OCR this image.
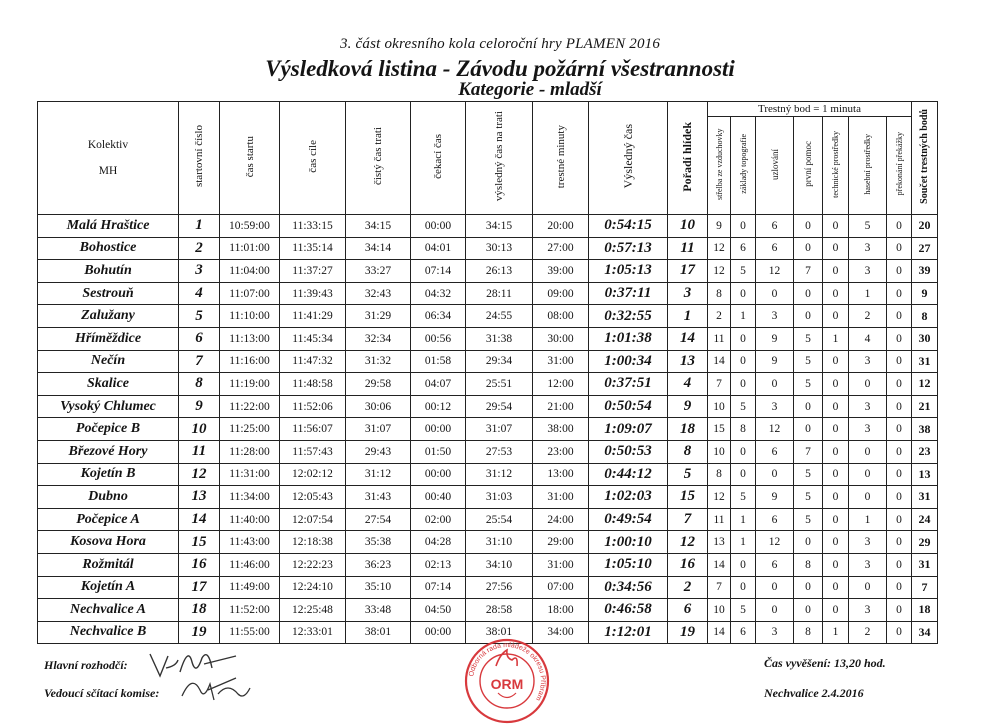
3. část okresního kola celoroční hry PLAMEN 2016
Výsledková listina - Závodu požární všestrannosti
Kategorie - mladší
Kolektiv
MH	startovní číslo	čas startu	čas cíle	čistý čas trati	čekací čas	výsledný čas na trati	trestné minuty	Výsledný čas	Pořadí hlídek	Trestný bod = 1 minuta							Součet trestných bodů
										střelba ze vzduchovky	základy topografie	uzlování	první pomoc	technické prostředky	hasební prostředky	překonání překážky	
Malá Hraštice	1	10:59:00	11:33:15	34:15	00:00	34:15	20:00	0:54:15	10	9	0	6	0	0	5	0	20
Bohostice	2	11:01:00	11:35:14	34:14	04:01	30:13	27:00	0:57:13	11	12	6	6	0	0	3	0	27
Bohutín	3	11:04:00	11:37:27	33:27	07:14	26:13	39:00	1:05:13	17	12	5	12	7	0	3	0	39
Sestrouň	4	11:07:00	11:39:43	32:43	04:32	28:11	09:00	0:37:11	3	8	0	0	0	0	1	0	9
Zalužany	5	11:10:00	11:41:29	31:29	06:34	24:55	08:00	0:32:55	1	2	1	3	0	0	2	0	8
Hříměždice	6	11:13:00	11:45:34	32:34	00:56	31:38	30:00	1:01:38	14	11	0	9	5	1	4	0	30
Nečín	7	11:16:00	11:47:32	31:32	01:58	29:34	31:00	1:00:34	13	14	0	9	5	0	3	0	31
Skalice	8	11:19:00	11:48:58	29:58	04:07	25:51	12:00	0:37:51	4	7	0	0	5	0	0	0	12
Vysoký Chlumec	9	11:22:00	11:52:06	30:06	00:12	29:54	21:00	0:50:54	9	10	5	3	0	0	3	0	21
Počepice B	10	11:25:00	11:56:07	31:07	00:00	31:07	38:00	1:09:07	18	15	8	12	0	0	3	0	38
Březové Hory	11	11:28:00	11:57:43	29:43	01:50	27:53	23:00	0:50:53	8	10	0	6	7	0	0	0	23
Kojetín B	12	11:31:00	12:02:12	31:12	00:00	31:12	13:00	0:44:12	5	8	0	0	5	0	0	0	13
Dubno	13	11:34:00	12:05:43	31:43	00:40	31:03	31:00	1:02:03	15	12	5	9	5	0	0	0	31
Počepice A	14	11:40:00	12:07:54	27:54	02:00	25:54	24:00	0:49:54	7	11	1	6	5	0	1	0	24
Kosova Hora	15	11:43:00	12:18:38	35:38	04:28	31:10	29:00	1:00:10	12	13	1	12	0	0	3	0	29
Rožmitál	16	11:46:00	12:22:23	36:23	02:13	34:10	31:00	1:05:10	16	14	0	6	8	0	3	0	31
Kojetín A	17	11:49:00	12:24:10	35:10	07:14	27:56	07:00	0:34:56	2	7	0	0	0	0	0	0	7
Nechvalice A	18	11:52:00	12:25:48	33:48	04:50	28:58	18:00	0:46:58	6	10	5	0	0	0	3	0	18
Nechvalice B	19	11:55:00	12:33:01	38:01	00:00	38:01	34:00	1:12:01	19	14	6	3	8	1	2	0	34
Hlavní rozhodčí:
Vedoucí sčítací komise:
ORM
Odborná rada mládeže okresu Příbram
Čas vyvěšení: 13,20 hod.
Nechvalice 2.4.2016
